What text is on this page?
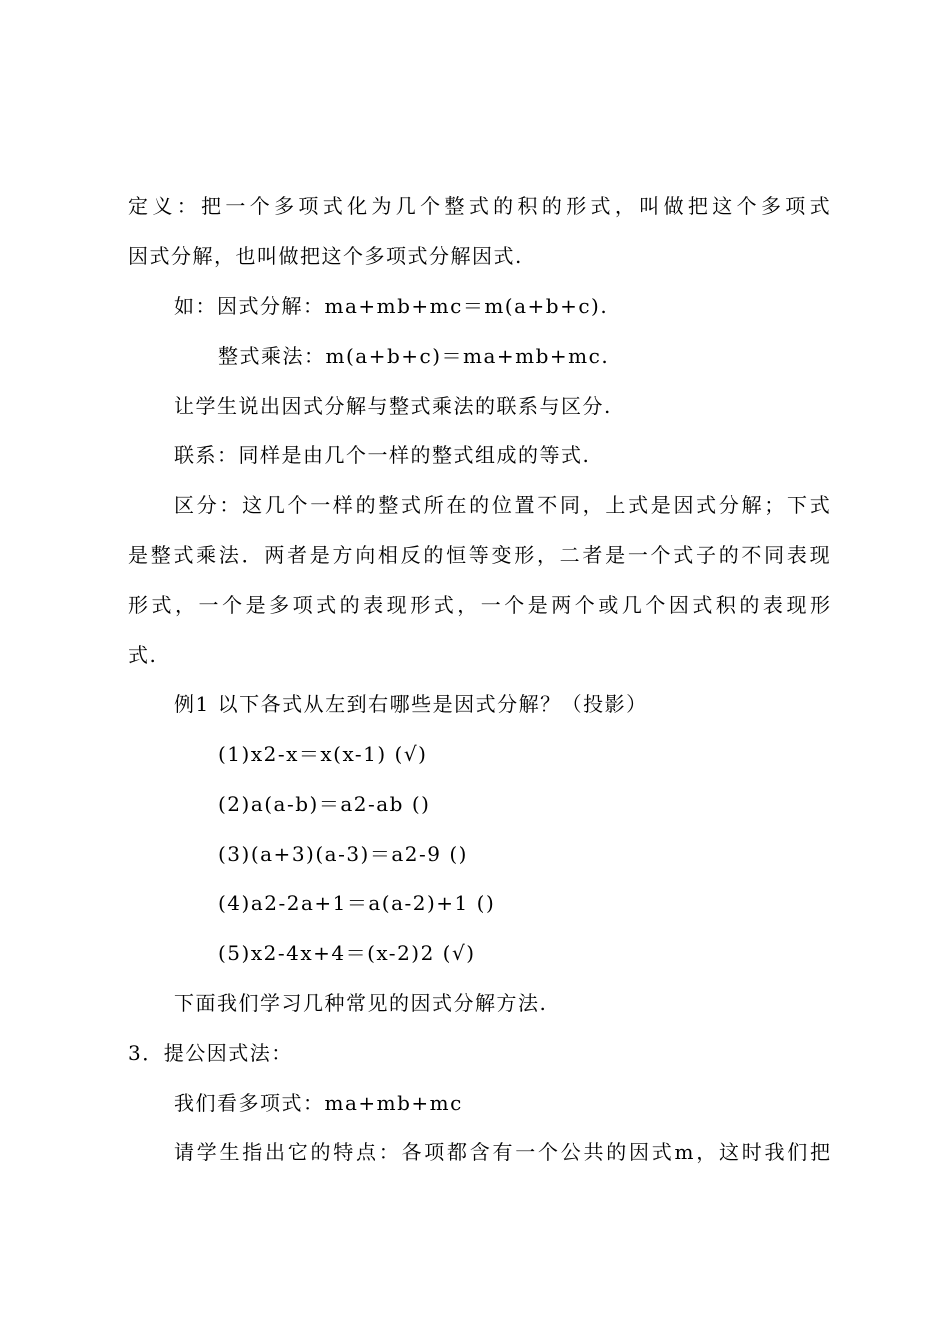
定 义 ： 把 一 个 多 项 式 化 为 几 个 整 式 的 积 的 形 式 ， 叫 做 把 这 个 多 项 式
因式分解，也叫做把这个多项式分解因式.
如：因式分解：ma+mb+mc＝m(a+b+c).
整式乘法：m(a+b+c)＝ma+mb+mc.
让学生说出因式分解与整式乘法的联系与区分.
联系：同样是由几个一样的整式组成的等式.
区 分 ： 这 几 个 一 样 的 整 式 所 在 的 位 置 不 同 ， 上 式 是 因 式 分 解 ； 下 式
是 整 式 乘 法 ． 两 者 是 方 向 相 反 的 恒 等 变 形 ， 二 者 是 一 个 式 子 的 不 同 表 现
形 式 ， 一 个 是 多 项 式 的 表 现 形 式 ， 一 个 是 两 个 或 几 个 因 式 积 的 表 现 形
式.
例1 以下各式从左到右哪些是因式分解？（投影）
(1)x2-x＝x(x-1) (√)
(2)a(a-b)＝a2-ab ()
(3)(a+3)(a-3)＝a2-9 ()
(4)a2-2a+1＝a(a-2)+1 ()
(5)x2-4x+4＝(x-2)2 (√)
下面我们学习几种常见的因式分解方法.
3．提公因式法：
我们看多项式：ma+mb+mc
请 学 生 指 出 它 的 特 点 ： 各 项 都 含 有 一 个 公 共 的 因 式 m ， 这 时 我 们 把
